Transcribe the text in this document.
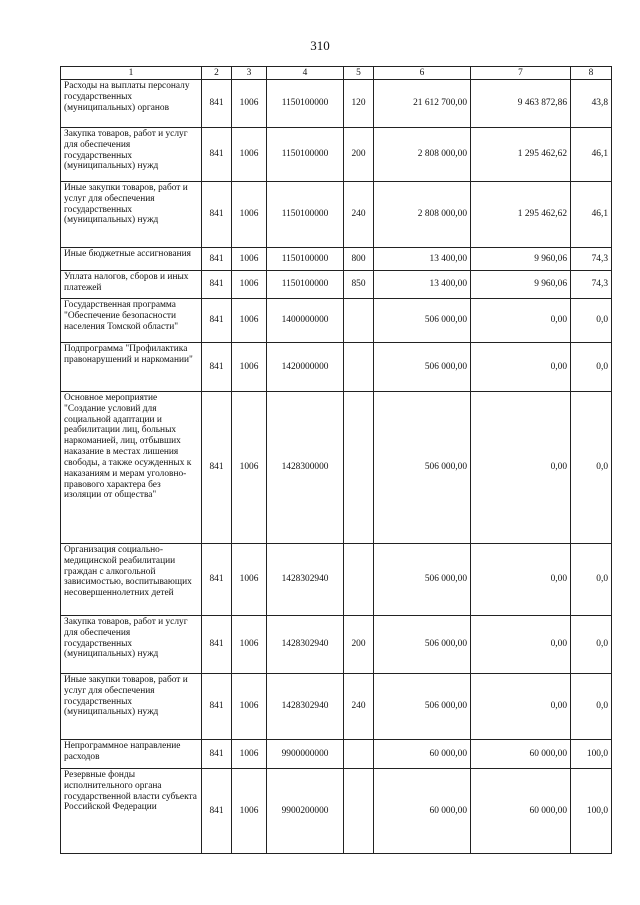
310
1	2	3	4	5	6	7	8
Расходы на выплаты персоналу государственных (муниципальных) органов	841	1006	1150100000	120	21 612 700,00	9 463 872,86	43,8
Закупка товаров, работ и услуг для обеспечения государственных (муниципальных) нужд	841	1006	1150100000	200	2 808 000,00	1 295 462,62	46,1
Иные закупки товаров, работ и услуг для обеспечения государственных (муниципальных) нужд	841	1006	1150100000	240	2 808 000,00	1 295 462,62	46,1
Иные бюджетные ассигнования	841	1006	1150100000	800	13 400,00	9 960,06	74,3
Уплата налогов, сборов и иных платежей	841	1006	1150100000	850	13 400,00	9 960,06	74,3
Государственная программа "Обеспечение безопасности населения Томской области"	841	1006	1400000000		506 000,00	0,00	0,0
Подпрограмма "Профилактика правонарушений и наркомании"	841	1006	1420000000		506 000,00	0,00	0,0
Основное мероприятие "Создание условий для социальной адаптации и реабилитации лиц, больных наркоманией, лиц, отбывших наказание в местах лишения свободы, а также осужденных к наказаниям и мерам уголовно-правового характера без изоляции от общества"	841	1006	1428300000		506 000,00	0,00	0,0
Организация социально-медицинской реабилитации граждан с алкогольной зависимостью, воспитывающих несовершеннолетних детей	841	1006	1428302940		506 000,00	0,00	0,0
Закупка товаров, работ и услуг для обеспечения государственных (муниципальных) нужд	841	1006	1428302940	200	506 000,00	0,00	0,0
Иные закупки товаров, работ и услуг для обеспечения государственных (муниципальных) нужд	841	1006	1428302940	240	506 000,00	0,00	0,0
Непрограммное направление расходов	841	1006	9900000000		60 000,00	60 000,00	100,0
Резервные фонды исполнительного органа государственной власти субъекта Российской Федерации	841	1006	9900200000		60 000,00	60 000,00	100,0
